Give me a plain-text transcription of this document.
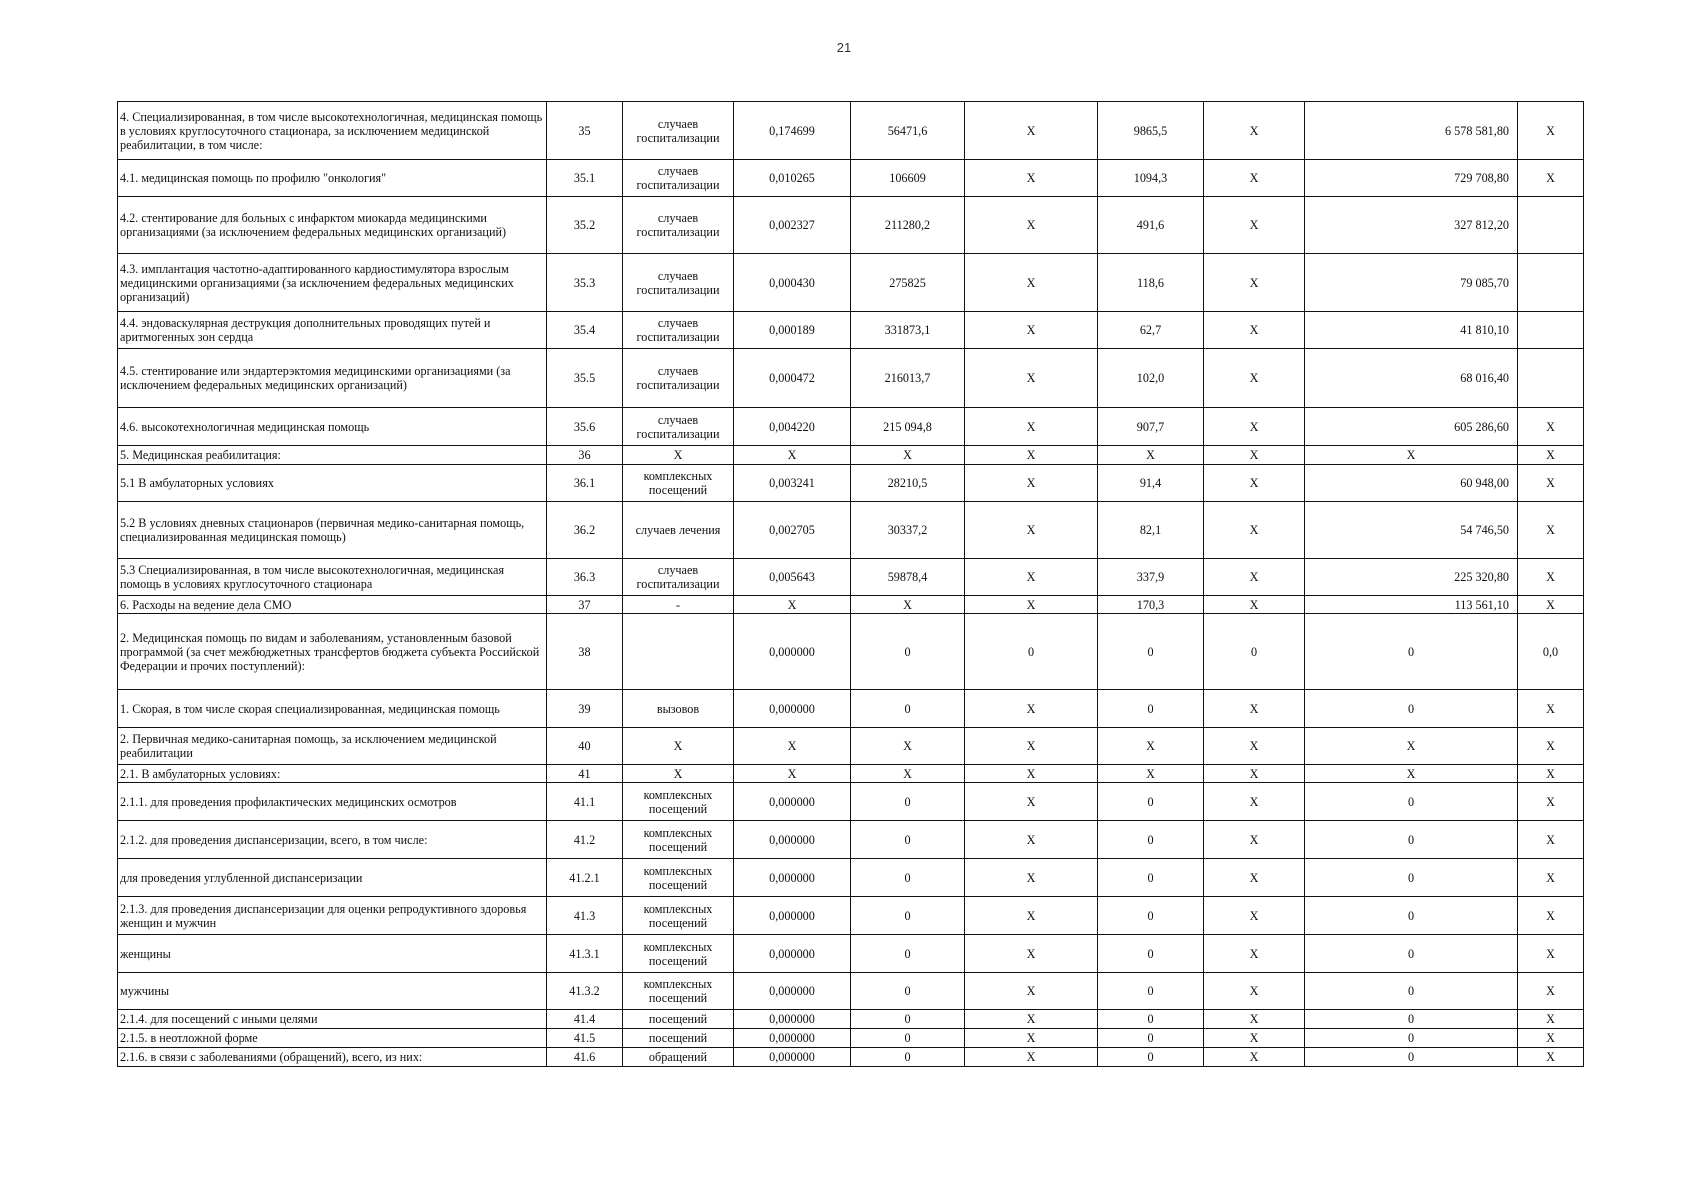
21
4. Специализированная, в том числе высокотехнологичная, медицинская помощь в условиях круглосуточного стационара, за исключением медицинской реабилитации, в том числе:	35	случаев госпитализации	0,174699	56471,6	X	9865,5	X	6 578 581,80	X
4.1. медицинская помощь по профилю "онкология"	35.1	случаев госпитализации	0,010265	106609	X	1094,3	X	729 708,80	X
4.2. стентирование для больных с инфарктом миокарда медицинскими организациями (за исключением федеральных медицинских организаций)	35.2	случаев госпитализации	0,002327	211280,2	X	491,6	X	327 812,20	
4.3. имплантация частотно-адаптированного кардиостимулятора взрослым медицинскими организациями (за исключением федеральных медицинских организаций)	35.3	случаев госпитализации	0,000430	275825	X	118,6	X	79 085,70	
4.4. эндоваскулярная деструкция дополнительных проводящих путей и аритмогенных зон сердца	35.4	случаев госпитализации	0,000189	331873,1	X	62,7	X	41 810,10	
4.5. стентирование или эндартерэктомия медицинскими организациями (за исключением федеральных медицинских организаций)	35.5	случаев госпитализации	0,000472	216013,7	X	102,0	X	68 016,40	
4.6. высокотехнологичная медицинская помощь	35.6	случаев госпитализации	0,004220	215 094,8	X	907,7	X	605 286,60	X
5. Медицинская реабилитация:	36	X	X	X	X	X	X	X	X
5.1 В амбулаторных условиях	36.1	комплексных посещений	0,003241	28210,5	X	91,4	X	60 948,00	X
5.2 В условиях дневных стационаров (первичная медико-санитарная помощь, специализированная медицинская помощь)	36.2	случаев лечения	0,002705	30337,2	X	82,1	X	54 746,50	X
5.3 Специализированная, в том числе высокотехнологичная, медицинская помощь в условиях круглосуточного стационара	36.3	случаев госпитализации	0,005643	59878,4	X	337,9	X	225 320,80	X
6. Расходы на ведение дела СМО	37	-	X	X	X	170,3	X	113 561,10	X
2. Медицинская помощь по видам и заболеваниям, установленным базовой программой (за счет межбюджетных трансфертов бюджета субъекта Российской Федерации и прочих поступлений):	38		0,000000	0	0	0	0	0	0,0
1. Скорая, в том числе скорая специализированная, медицинская помощь	39	вызовов	0,000000	0	X	0	X	0	X
2. Первичная медико-санитарная помощь, за исключением медицинской реабилитации	40	X	X	X	X	X	X	X	X
2.1. В амбулаторных условиях:	41	X	X	X	X	X	X	X	X
2.1.1. для проведения профилактических медицинских осмотров	41.1	комплексных посещений	0,000000	0	X	0	X	0	X
2.1.2. для проведения диспансеризации, всего, в том числе:	41.2	комплексных посещений	0,000000	0	X	0	X	0	X
для проведения углубленной диспансеризации	41.2.1	комплексных посещений	0,000000	0	X	0	X	0	X
2.1.3. для проведения диспансеризации для оценки репродуктивного здоровья женщин и мужчин	41.3	комплексных посещений	0,000000	0	X	0	X	0	X
женщины	41.3.1	комплексных посещений	0,000000	0	X	0	X	0	X
мужчины	41.3.2	комплексных посещений	0,000000	0	X	0	X	0	X
2.1.4. для посещений с иными целями	41.4	посещений	0,000000	0	X	0	X	0	X
2.1.5. в неотложной форме	41.5	посещений	0,000000	0	X	0	X	0	X
2.1.6. в связи с заболеваниями (обращений), всего, из них:	41.6	обращений	0,000000	0	X	0	X	0	X
